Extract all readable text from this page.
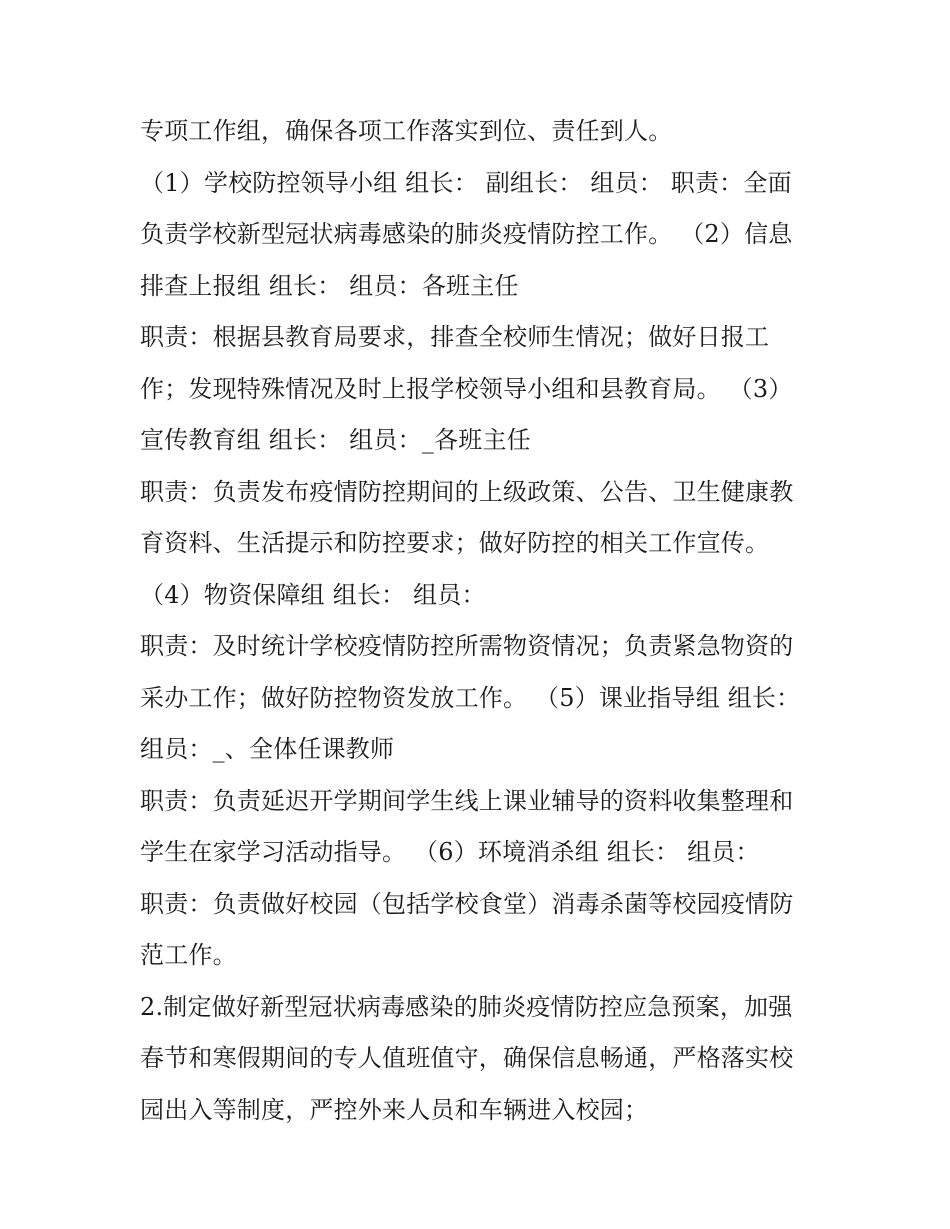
专项工作组，确保各项工作落实到位、责任到人。
（1）学校防控领导小组 组长： 副组长： 组员： 职责：全面
负责学校新型冠状病毒感染的肺炎疫情防控工作。 （2）信息
排查上报组 组长： 组员：各班主任
职责：根据县教育局要求，排查全校师生情况；做好日报工
作；发现特殊情况及时上报学校领导小组和县教育局。 （3）
宣传教育组 组长： 组员：_各班主任
职责：负责发布疫情防控期间的上级政策、公告、卫生健康教
育资料、生活提示和防控要求；做好防控的相关工作宣传。
（4）物资保障组 组长： 组员：
职责：及时统计学校疫情防控所需物资情况；负责紧急物资的
采办工作；做好防控物资发放工作。 （5）课业指导组 组长：
组员：_、全体任课教师
职责：负责延迟开学期间学生线上课业辅导的资料收集整理和
学生在家学习活动指导。 （6）环境消杀组 组长： 组员：
职责：负责做好校园（包括学校食堂）消毒杀菌等校园疫情防
范工作。
2.制定做好新型冠状病毒感染的肺炎疫情防控应急预案，加强
春节和寒假期间的专人值班值守，确保信息畅通，严格落实校
园出入等制度，严控外来人员和车辆进入校园；
